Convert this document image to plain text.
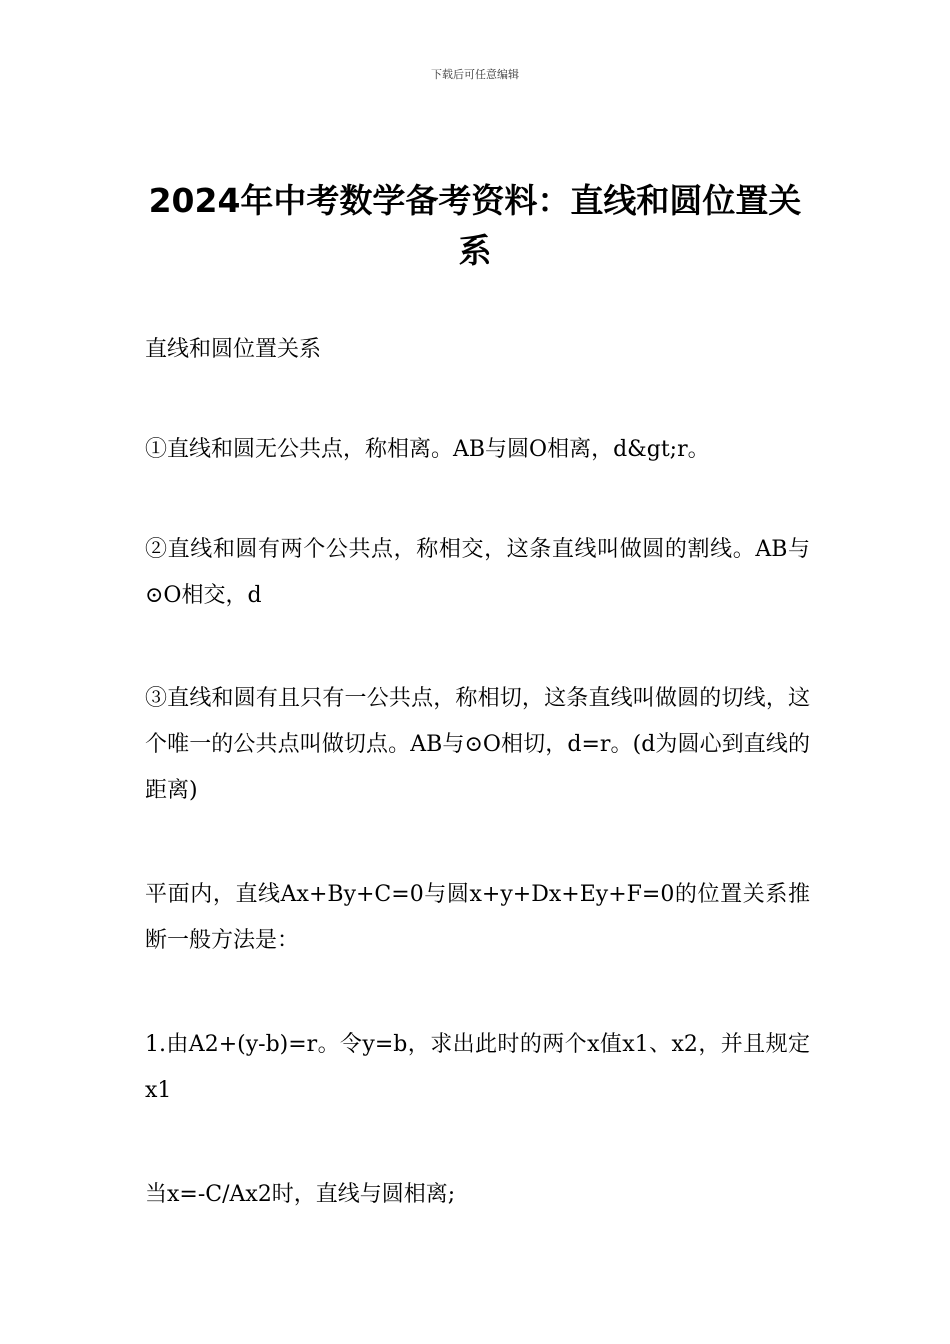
下载后可任意编辑
2024年中考数学备考资料：直线和圆位置关系

直线和圆位置关系

①直线和圆无公共点，称相离。AB与圆O相离，d&gt;r。

②直线和圆有两个公共点，称相交，这条直线叫做圆的割线。AB与⊙O相交，d

③直线和圆有且只有一公共点，称相切，这条直线叫做圆的切线，这个唯一的公共点叫做切点。AB与⊙O相切，d=r。(d为圆心到直线的距离)

平面内，直线Ax+By+C=0与圆x+y+Dx+Ey+F=0的位置关系推断一般方法是：

1.由A2+(y-b)=r。令y=b，求出此时的两个x值x1、x2，并且规定x1

当x=-C/Ax2时，直线与圆相离;
